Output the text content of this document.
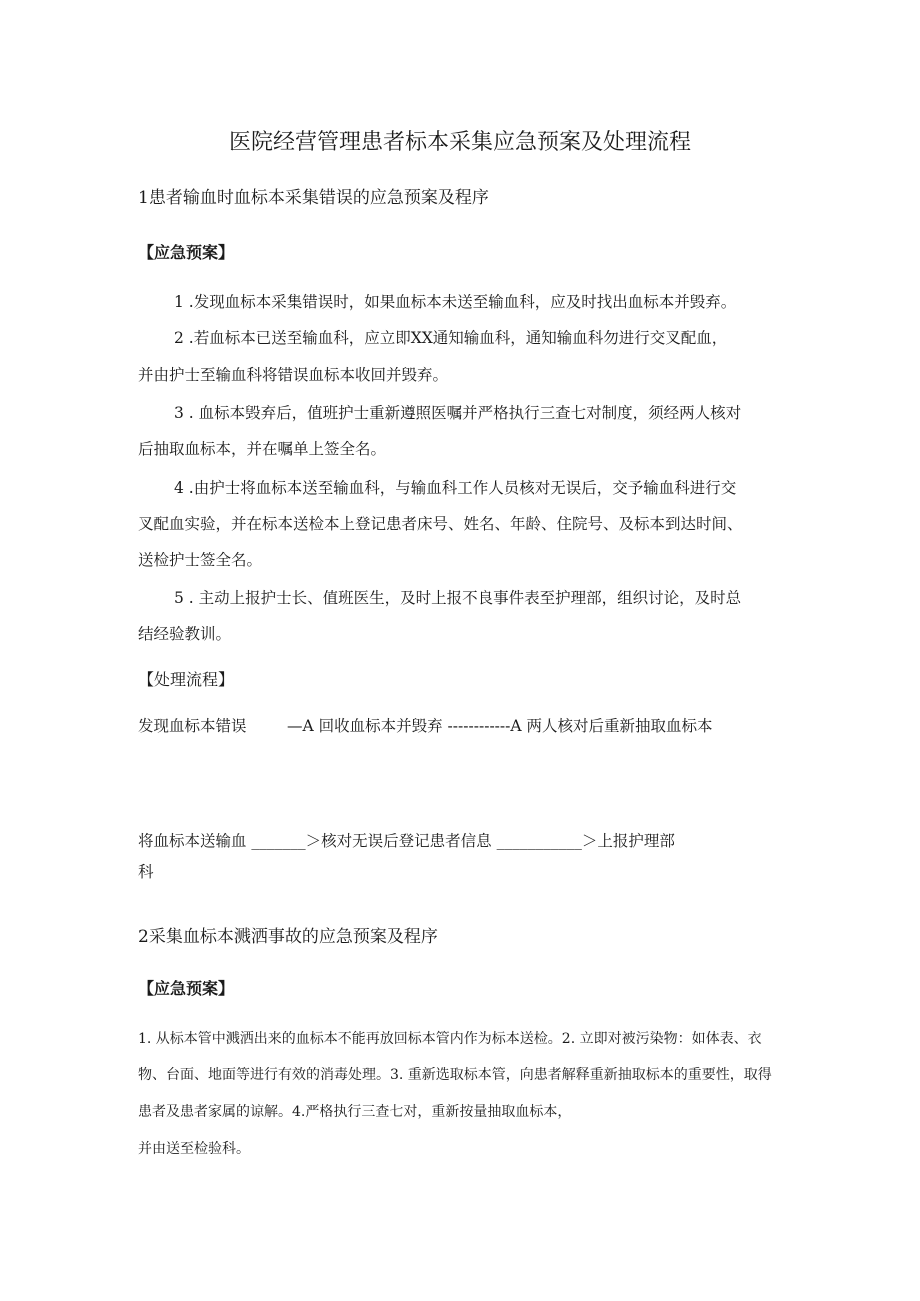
医院经营管理患者标本采集应急预案及处理流程
1患者输血时血标本采集错误的应急预案及程序
【应急预案】
1 .发现血标本采集错误时，如果血标本未送至输血科，应及时找出血标本并毁弃。
2 .若血标本已送至输血科，应立即XX通知输血科，通知输血科勿进行交叉配血，
并由护士至输血科将错误血标本收回并毁弃。
3 . 血标本毁弃后，值班护士重新遵照医嘱并严格执行三查七对制度，须经两人核对
后抽取血标本，并在嘱单上签全名。
4 .由护士将血标本送至输血科，与输血科工作人员核对无误后，交予输血科进行交
叉配血实验，并在标本送检本上登记患者床号、姓名、年龄、住院号、及标本到达时间、
送检护士签全名。
5 . 主动上报护士长、值班医生，及时上报不良事件表至护理部，组织讨论，及时总
结经验教训。
【处理流程】
发现血标本错误	—A 回收血标本并毁弃 ------------A 两人核对后重新抽取血标本
将血标本送输血 _______＞核对无误后登记患者信息 ___________＞上报护理部
科
2采集血标本溅洒事故的应急预案及程序
【应急预案】
1. 从标本管中溅洒出来的血标本不能再放回标本管内作为标本送检。2. 立即对被污染物：如体表、衣
物、台面、地面等进行有效的消毒处理。3. 重新选取标本管，向患者解释重新抽取标本的重要性，取得
患者及患者家属的谅解。4.严格执行三查七对，重新按量抽取血标本，
并由送至检验科。
